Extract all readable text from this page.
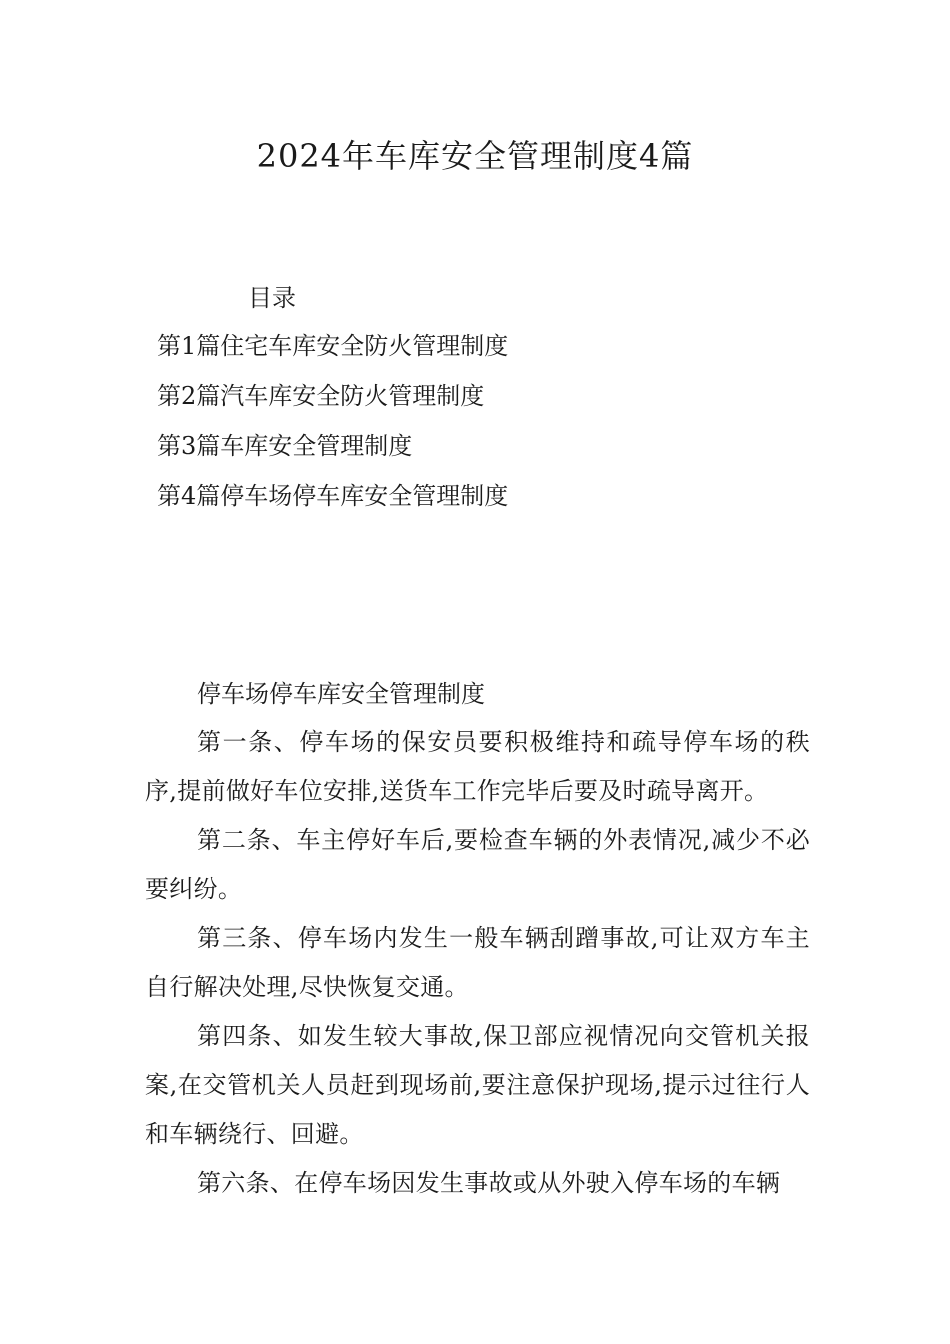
2024年车库安全管理制度4篇
目录
第1篇住宅车库安全防火管理制度
第2篇汽车库安全防火管理制度
第3篇车库安全管理制度
第4篇停车场停车库安全管理制度
停车场停车库安全管理制度

第一条、停车场的保安员要积极维持和疏导停车场的秩序,提前做好车位安排,送货车工作完毕后要及时疏导离开。

第二条、车主停好车后,要检查车辆的外表情况,减少不必要纠纷。

第三条、停车场内发生一般车辆刮蹭事故,可让双方车主自行解决处理,尽快恢复交通。

第四条、如发生较大事故,保卫部应视情况向交管机关报案,在交管机关人员赶到现场前,要注意保护现场,提示过往行人和车辆绕行、回避。

第六条、在停车场因发生事故或从外驶入停车场的车辆
